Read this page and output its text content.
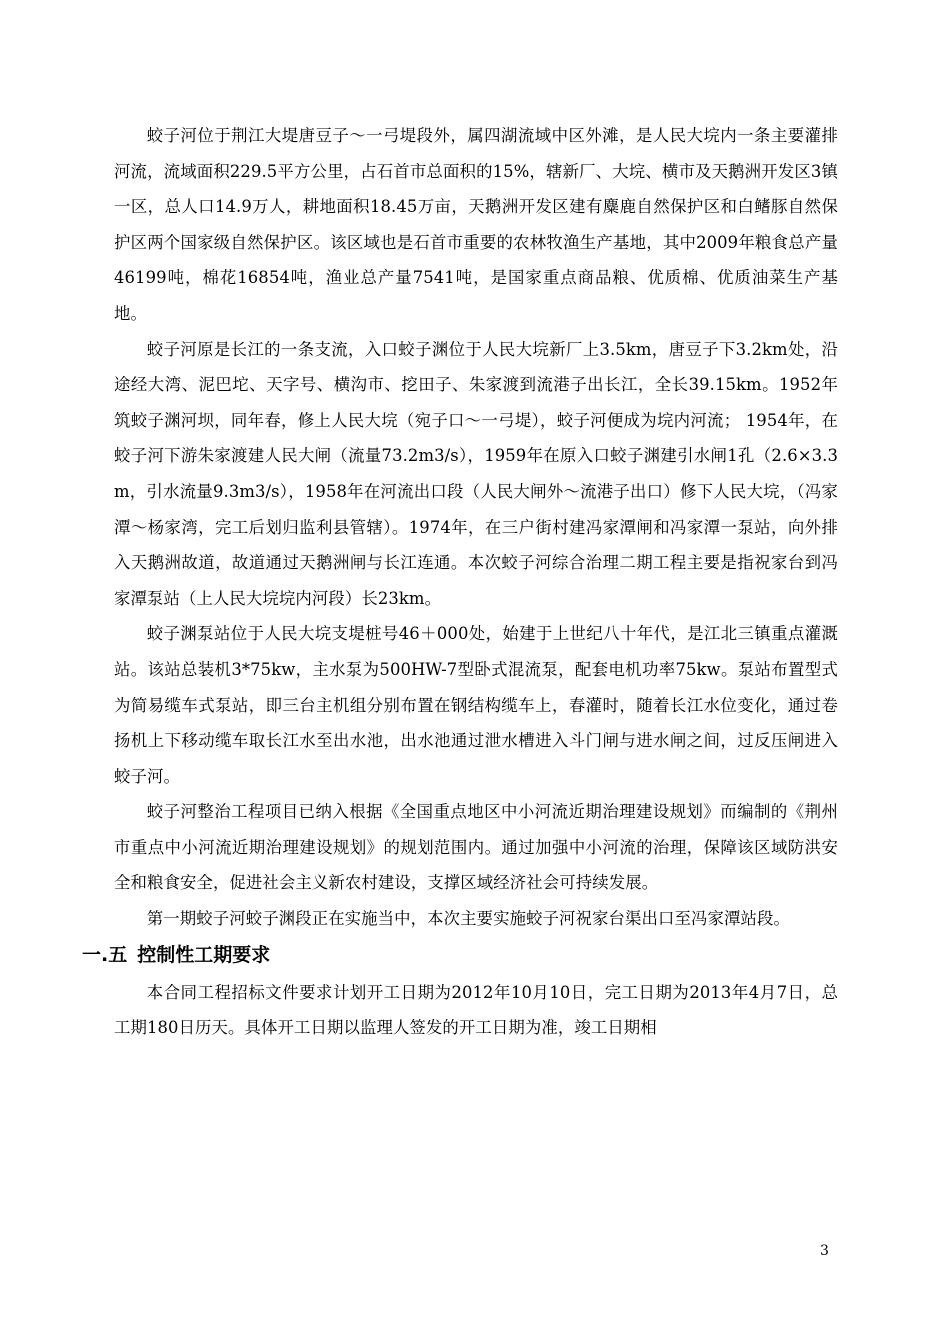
蛟子河位于荆江大堤唐豆子～一弓堤段外，属四湖流域中区外滩，是人民大垸内一条主要灌排河流，流域面积229.5平方公里，占石首市总面积的15%，辖新厂、大垸、横市及天鹅洲开发区3镇一区，总人口14.9万人，耕地面积18.45万亩，天鹅洲开发区建有麋鹿自然保护区和白鳍豚自然保护区两个国家级自然保护区。该区域也是石首市重要的农林牧渔生产基地，其中2009年粮食总产量46199吨，棉花16854吨，渔业总产量7541吨，是国家重点商品粮、优质棉、优质油菜生产基地。

蛟子河原是长江的一条支流，入口蛟子渊位于人民大垸新厂上3.5km，唐豆子下3.2km处，沿途经大湾、泥巴坨、天字号、横沟市、挖田子、朱家渡到流港子出长江，全长39.15km。1952年筑蛟子渊河坝，同年春，修上人民大垸（宛子口～一弓堤），蛟子河便成为垸内河流； 1954年，在蛟子河下游朱家渡建人民大闸（流量73.2m3/s），1959年在原入口蛟子渊建引水闸1孔（2.6×3.3m，引水流量9.3m3/s），1958年在河流出口段（人民大闸外～流港子出口）修下人民大垸，（冯家潭～杨家湾，完工后划归监利县管辖）。1974年，在三户街村建冯家潭闸和冯家潭一泵站，向外排入天鹅洲故道，故道通过天鹅洲闸与长江连通。本次蛟子河综合治理二期工程主要是指祝家台到冯家潭泵站（上人民大垸垸内河段）长23km。

蛟子渊泵站位于人民大垸支堤桩号46＋000处，始建于上世纪八十年代，是江北三镇重点灌溉站。该站总装机3*75kw，主水泵为500HW-7型卧式混流泵，配套电机功率75kw。泵站布置型式为简易缆车式泵站，即三台主机组分别布置在钢结构缆车上，春灌时，随着长江水位变化，通过卷扬机上下移动缆车取长江水至出水池，出水池通过泄水槽进入斗门闸与进水闸之间，过反压闸进入蛟子河。

蛟子河整治工程项目已纳入根据《全国重点地区中小河流近期治理建设规划》而编制的《荆州市重点中小河流近期治理建设规划》的规划范围内。通过加强中小河流的治理，保障该区域防洪安全和粮食安全，促进社会主义新农村建设，支撑区域经济社会可持续发展。

第一期蛟子河蛟子渊段正在实施当中，本次主要实施蛟子河祝家台渠出口至冯家潭站段。

一.五 控制性工期要求

本合同工程招标文件要求计划开工日期为2012年10月10日，完工日期为2013年4月7日，总工期180日历天。具体开工日期以监理人签发的开工日期为准，竣工日期相

3
